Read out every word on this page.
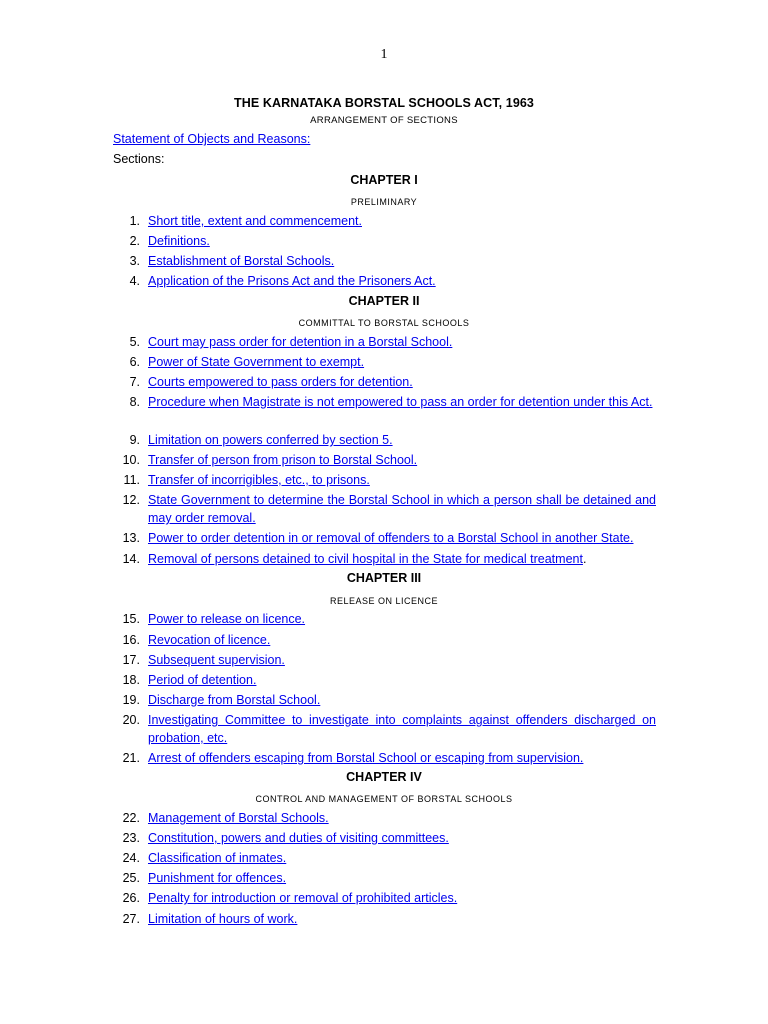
1
THE KARNATAKA BORSTAL SCHOOLS ACT, 1963
ARRANGEMENT OF SECTIONS
Statement of Objects and Reasons:
Sections:
CHAPTER I
PRELIMINARY
1. Short title, extent and commencement.
2. Definitions.
3. Establishment of Borstal Schools.
4. Application of the Prisons Act and the Prisoners Act.
CHAPTER II
COMMITTAL TO BORSTAL SCHOOLS
5. Court may pass order for detention in a Borstal School.
6. Power of State Government to exempt.
7. Courts empowered to pass orders for detention.
8. Procedure when Magistrate is not empowered to pass an order for detention under this Act.
9. Limitation on powers conferred by section 5.
10. Transfer of person from prison to Borstal School.
11. Transfer of incorrigibles, etc., to prisons.
12. State Government to determine the Borstal School in which a person shall be detained and may order removal.
13. Power to order detention in or removal of offenders to a Borstal School in another State.
14. Removal of persons detained to civil hospital in the State for medical treatment.
CHAPTER III
RELEASE ON LICENCE
15. Power to release on licence.
16. Revocation of licence.
17. Subsequent supervision.
18. Period of detention.
19. Discharge from Borstal School.
20. Investigating Committee to investigate into complaints against offenders discharged on probation, etc.
21. Arrest of offenders escaping from Borstal School or escaping from supervision.
CHAPTER IV
CONTROL AND MANAGEMENT OF BORSTAL SCHOOLS
22. Management of Borstal Schools.
23. Constitution, powers and duties of visiting committees.
24. Classification of inmates.
25. Punishment for offences.
26. Penalty for introduction or removal of prohibited articles.
27. Limitation of hours of work.
